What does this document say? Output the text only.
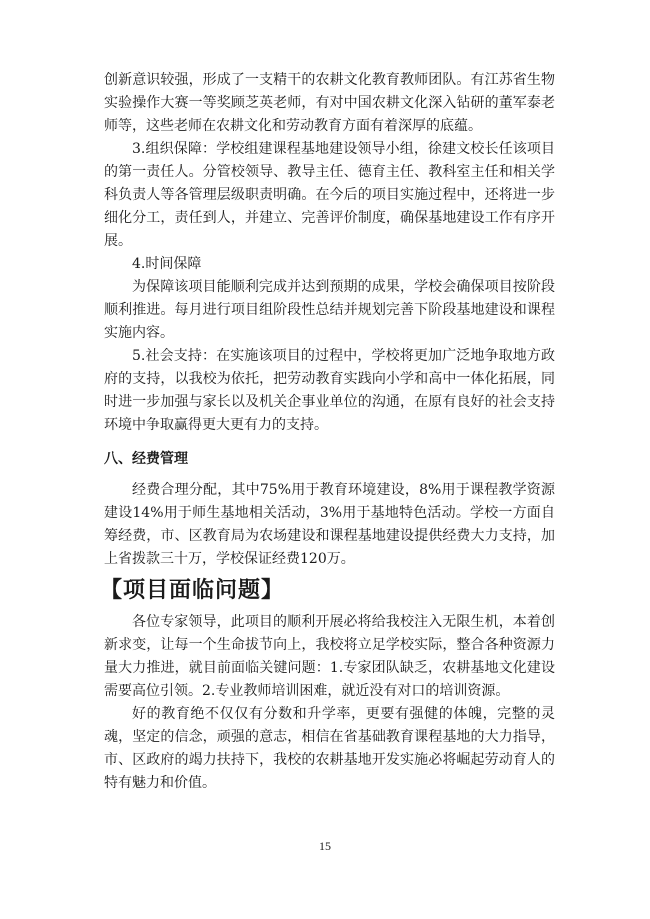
创新意识较强，形成了一支精干的农耕文化教育教师团队。有江苏省生物实验操作大赛一等奖顾芝英老师，有对中国农耕文化深入钻研的董军泰老师等，这些老师在农耕文化和劳动教育方面有着深厚的底蕴。

3.组织保障：学校组建课程基地建设领导小组，徐建文校长任该项目的第一责任人。分管校领导、教导主任、德育主任、教科室主任和相关学科负责人等各管理层级职责明确。在今后的项目实施过程中，还将进一步细化分工，责任到人，并建立、完善评价制度，确保基地建设工作有序开展。

4.时间保障

为保障该项目能顺利完成并达到预期的成果，学校会确保项目按阶段顺利推进。每月进行项目组阶段性总结并规划完善下阶段基地建设和课程实施内容。

5.社会支持：在实施该项目的过程中，学校将更加广泛地争取地方政府的支持，以我校为依托，把劳动教育实践向小学和高中一体化拓展，同时进一步加强与家长以及机关企事业单位的沟通，在原有良好的社会支持环境中争取赢得更大更有力的支持。

八、经费管理

经费合理分配，其中75%用于教育环境建设，8%用于课程教学资源建设14%用于师生基地相关活动，3%用于基地特色活动。学校一方面自筹经费，市、区教育局为农场建设和课程基地建设提供经费大力支持，加上省拨款三十万，学校保证经费120万。

【项目面临问题】

各位专家领导，此项目的顺利开展必将给我校注入无限生机，本着创新求变，让每一个生命拔节向上，我校将立足学校实际，整合各种资源力量大力推进，就目前面临关键问题：1.专家团队缺乏，农耕基地文化建设需要高位引领。2.专业教师培训困难，就近没有对口的培训资源。

好的教育绝不仅仅有分数和升学率，更要有强健的体魄，完整的灵魂，坚定的信念，顽强的意志，相信在省基础教育课程基地的大力指导，市、区政府的竭力扶持下，我校的农耕基地开发实施必将崛起劳动育人的特有魅力和价值。

15
